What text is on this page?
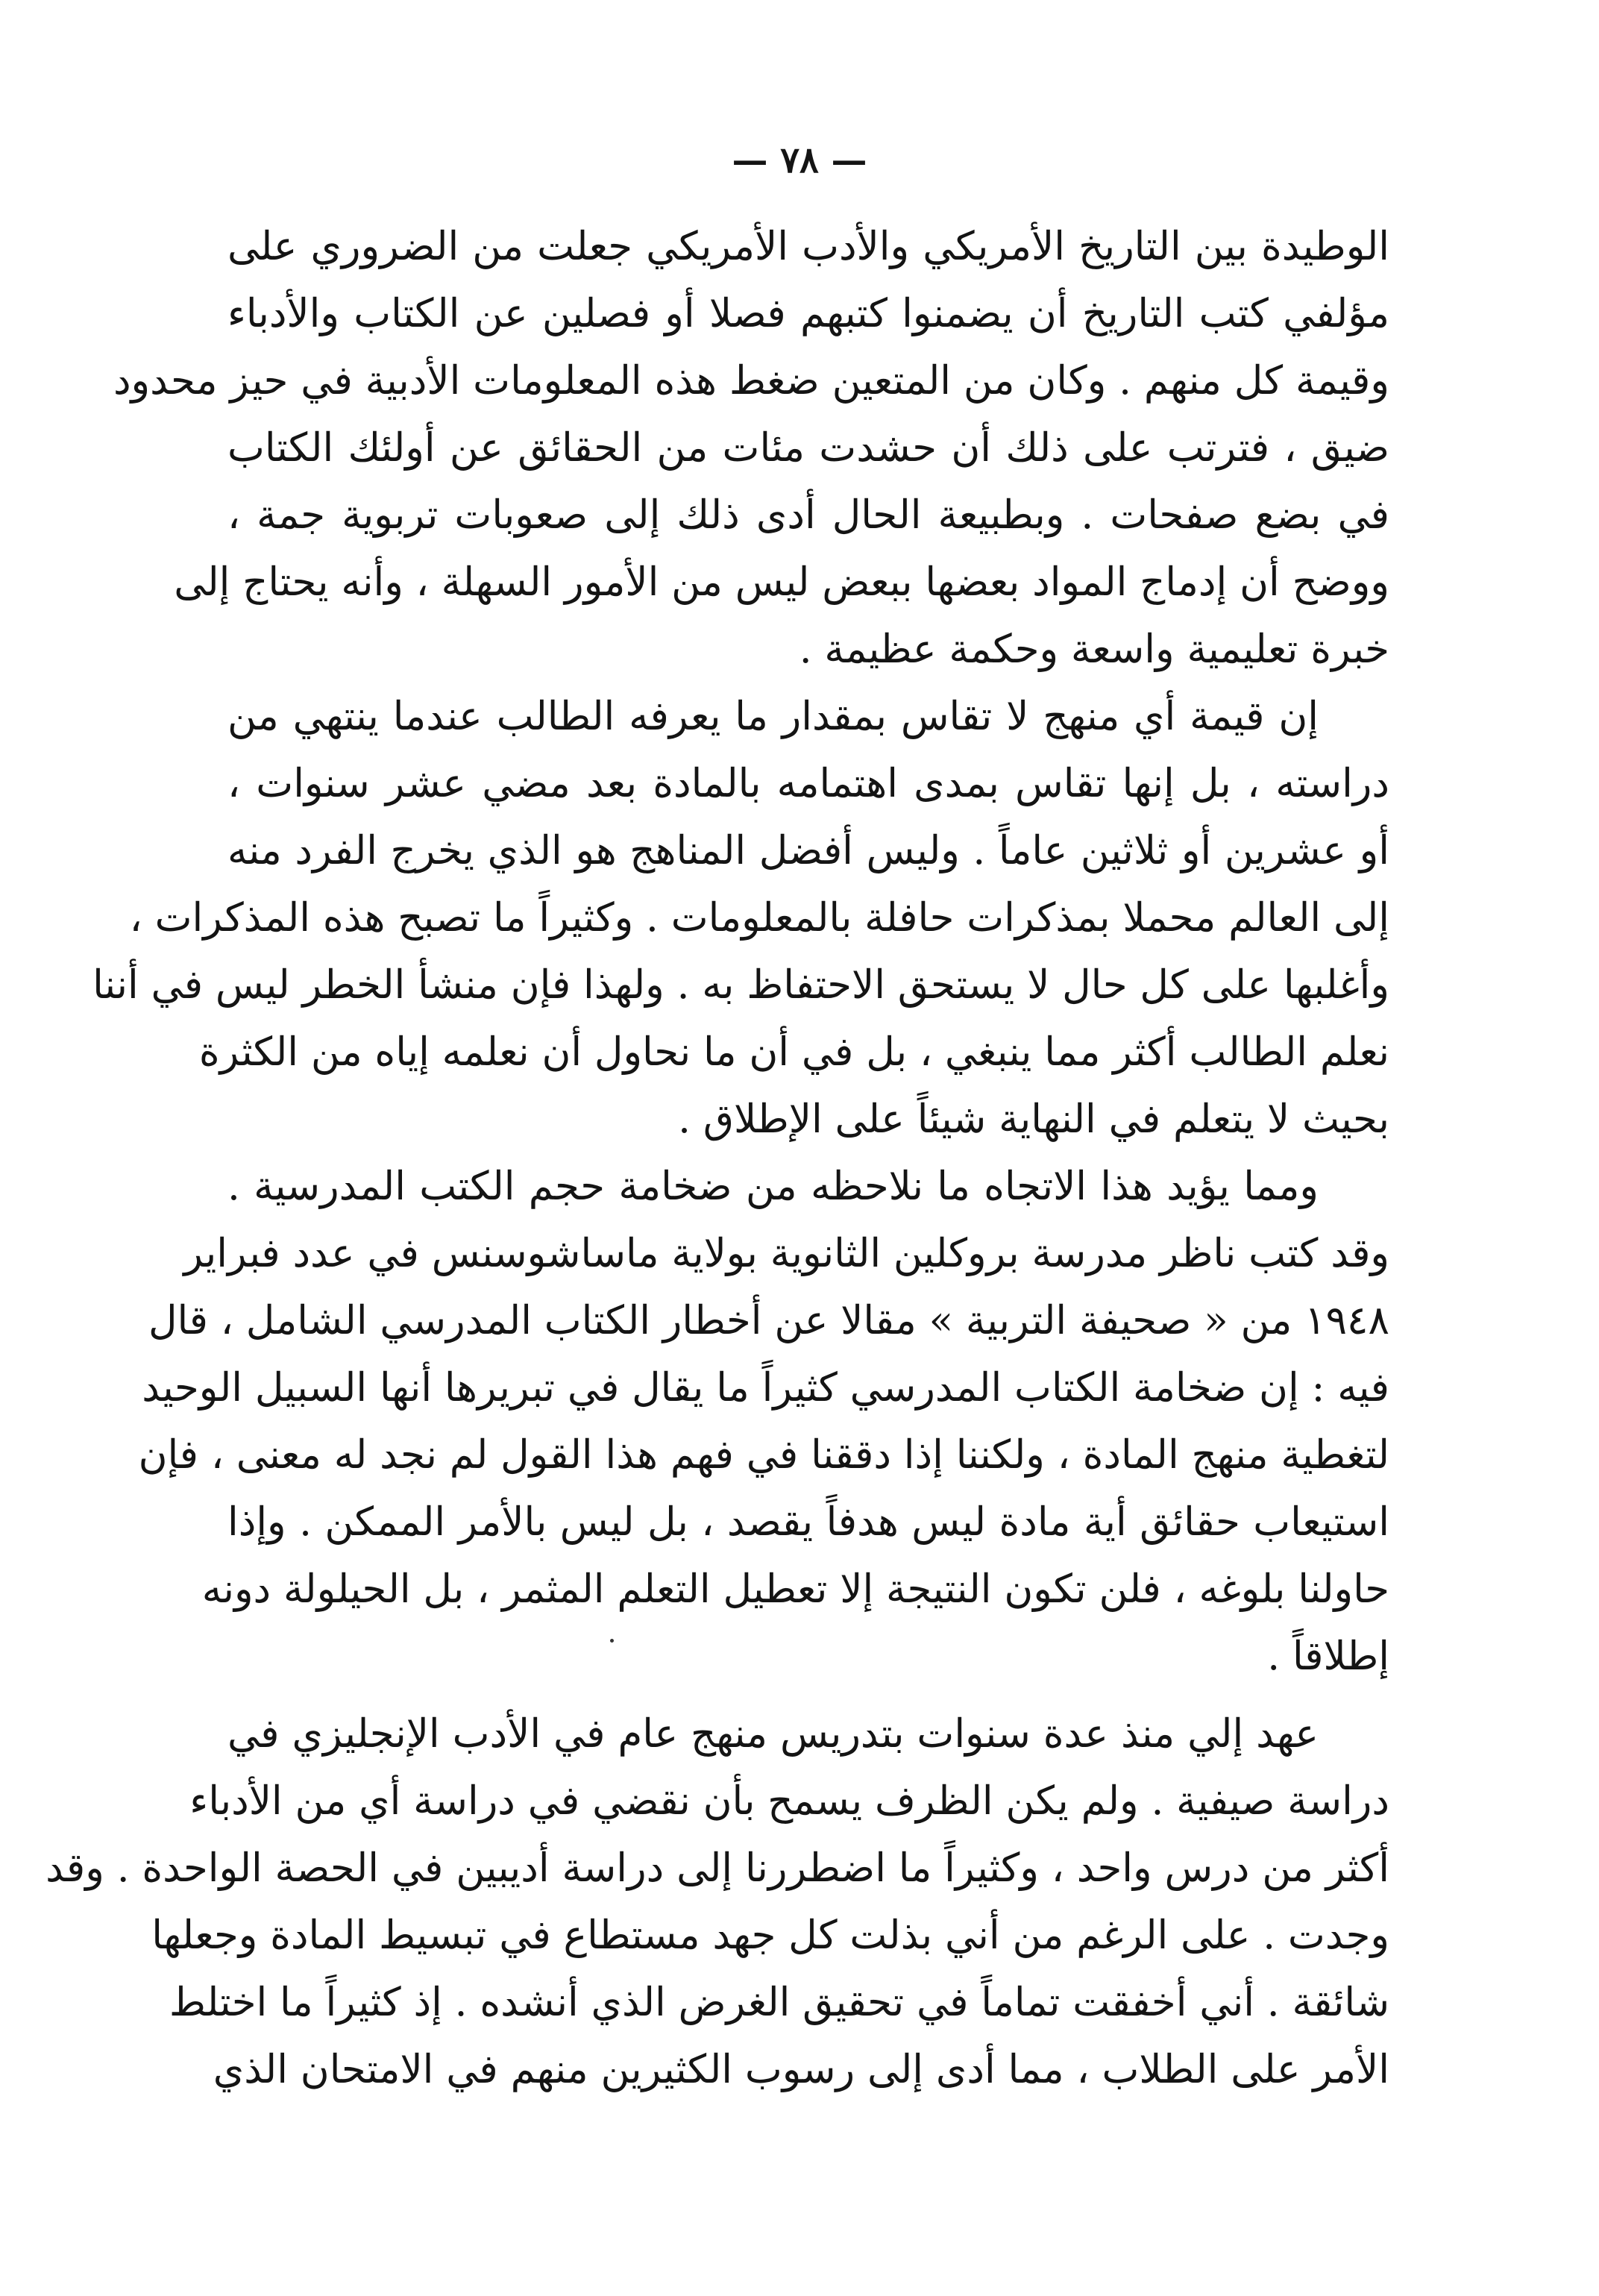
— ٧٨ —
الوطيدة بين التاريخ الأمريكي والأدب الأمريكي جعلت من الضروري على
مؤلفي كتب التاريخ أن يضمنوا كتبهم فصلا أو فصلين عن الكتاب والأدباء
وقيمة كل منهم . وكان من المتعين ضغط هذه المعلومات الأدبية في حيز محدود
ضيق ، فترتب على ذلك أن حشدت مئات من الحقائق عن أولئك الكتاب
في بضع صفحات . وبطبيعة الحال أدى ذلك إلى صعوبات تربوية جمة ،
ووضح أن إدماج المواد بعضها ببعض ليس من الأمور السهلة ، وأنه يحتاج إلى
خبرة تعليمية واسعة وحكمة عظيمة .
إن قيمة أي منهج لا تقاس بمقدار ما يعرفه الطالب عندما ينتهي من
دراسته ، بل إنها تقاس بمدى اهتمامه بالمادة بعد مضي عشر سنوات ،
أو عشرين أو ثلاثين عاماً . وليس أفضل المناهج هو الذي يخرج الفرد منه
إلى العالم محملا بمذكرات حافلة بالمعلومات . وكثيراً ما تصبح هذه المذكرات ،
وأغلبها على كل حال لا يستحق الاحتفاظ به . ولهذا فإن منشأ الخطر ليس في أننا
نعلم الطالب أكثر مما ينبغي ، بل في أن ما نحاول أن نعلمه إياه من الكثرة
بحيث لا يتعلم في النهاية شيئاً على الإطلاق .
ومما يؤيد هذا الاتجاه ما نلاحظه من ضخامة حجم الكتب المدرسية .
وقد كتب ناظر مدرسة بروكلين الثانوية بولاية ماساشوسنس في عدد فبراير
١٩٤٨ من « صحيفة التربية » مقالا عن أخطار الكتاب المدرسي الشامل ، قال
فيه : إن ضخامة الكتاب المدرسي كثيراً ما يقال في تبريرها أنها السبيل الوحيد
لتغطية منهج المادة ، ولكننا إذا دققنا في فهم هذا القول لم نجد له معنى ، فإن
استيعاب حقائق أية مادة ليس هدفاً يقصد ، بل ليس بالأمر الممكن . وإذا
حاولنا بلوغه ، فلن تكون النتيجة إلا تعطيل التعلم المثمر ، بل الحيلولة دونه
إطلاقاً .
عهد إلي منذ عدة سنوات بتدريس منهج عام في الأدب الإنجليزي في
دراسة صيفية . ولم يكن الظرف يسمح بأن نقضي في دراسة أي من الأدباء
أكثر من درس واحد ، وكثيراً ما اضطررنا إلى دراسة أديبين في الحصة الواحدة . وقد
وجدت . على الرغم من أني بذلت كل جهد مستطاع في تبسيط المادة وجعلها
شائقة . أني أخفقت تماماً في تحقيق الغرض الذي أنشده . إذ كثيراً ما اختلط
الأمر على الطلاب ، مما أدى إلى رسوب الكثيرين منهم في الامتحان الذي
